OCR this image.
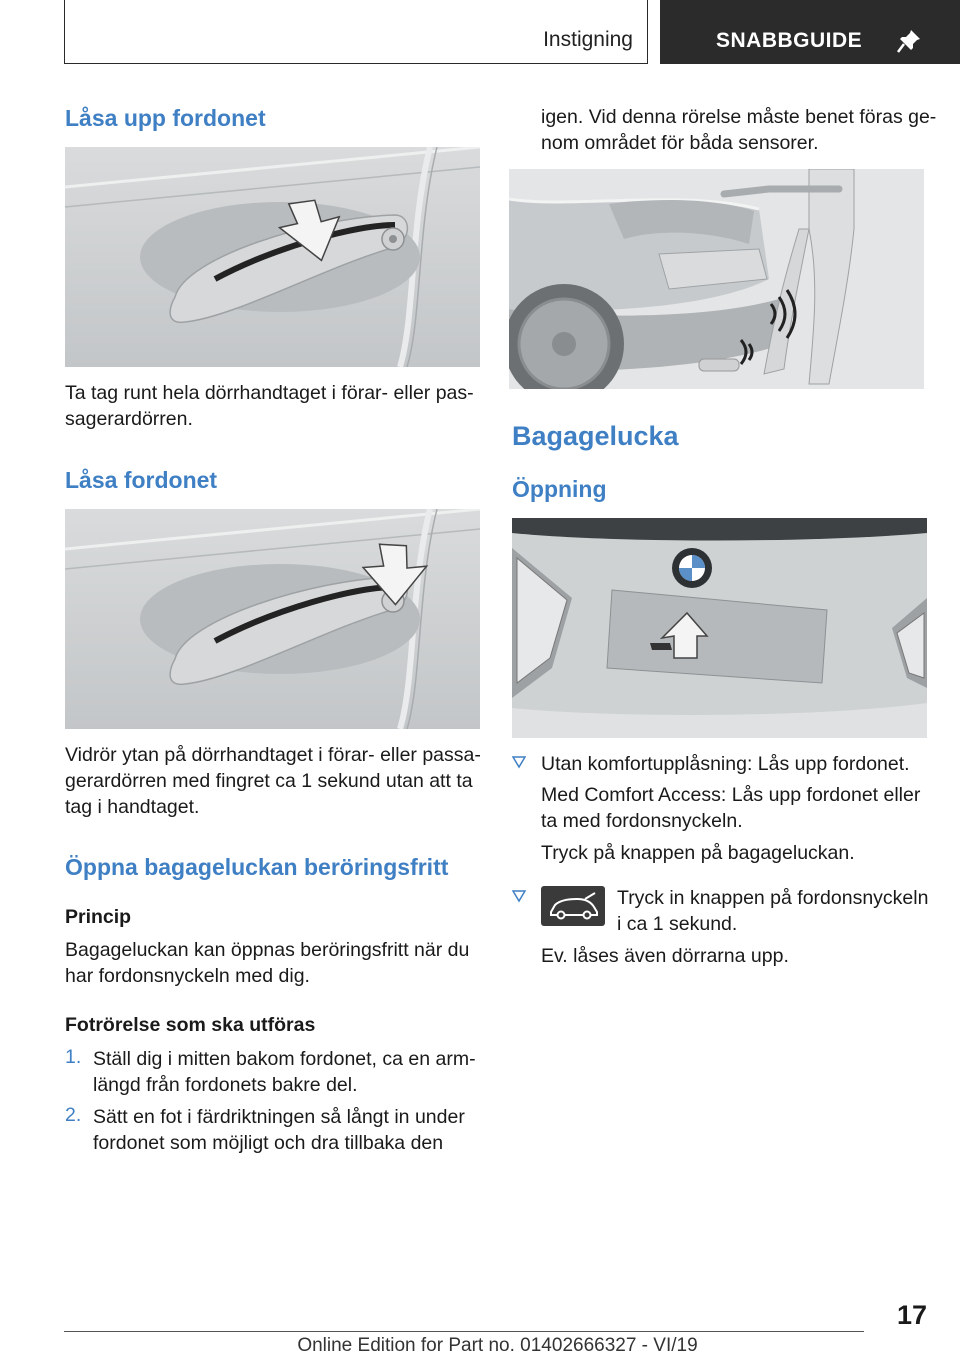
Instigning	SNABBGUIDE
Låsa upp fordonet

Ta tag runt hela dörrhandtaget i förar- eller pas-

sagerardörren.

Låsa fordonet

Vidrör ytan på dörrhandtaget i förar- eller passa-

gerardörren med fingret ca 1 sekund utan att ta

tag i handtaget.

Öppna bagageluckan beröringsfritt

Princip

Bagageluckan kan öppnas beröringsfritt när du

har fordonsnyckeln med dig.

Fotrörelse som ska utföras

1. Ställ dig i mitten bakom fordonet, ca en arm-

längd från fordonets bakre del.

2. Sätt en fot i färdriktningen så långt in under

fordonet som möjligt och dra tillbaka den

igen. Vid denna rörelse måste benet föras ge-

nom området för båda sensorer.

Bagagelucka
Öppning

Utan komfortupplåsning: Lås upp fordonet.

Med Comfort Access: Lås upp fordonet eller

ta med fordonsnyckeln.

Tryck på knappen på bagageluckan.

Tryck in knappen på fordonsnyckeln

i ca 1 sekund.

Ev. låses även dörrarna upp.

17
Online Edition for Part no. 01402666327 - VI/19
